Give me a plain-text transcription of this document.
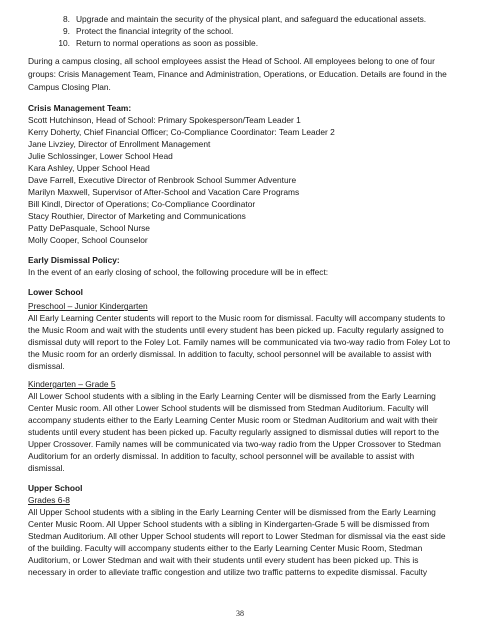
8. Upgrade and maintain the security of the physical plant, and safeguard the educational assets.
9. Protect the financial integrity of the school.
10. Return to normal operations as soon as possible.

During a campus closing, all school employees assist the Head of School. All employees belong to one of four groups: Crisis Management Team, Finance and Administration, Operations, or Education. Details are found in the Campus Closing Plan.

Crisis Management Team:

Scott Hutchinson, Head of School: Primary Spokesperson/Team Leader 1
Kerry Doherty, Chief Financial Officer; Co-Compliance Coordinator: Team Leader 2
Jane Livziey, Director of Enrollment Management
Julie Schlossinger, Lower School Head
Kara Ashley, Upper School Head
Dave Farrell, Executive Director of Renbrook School Summer Adventure
Marilyn Maxwell, Supervisor of After-School and Vacation Care Programs
Bill Kindl, Director of Operations; Co-Compliance Coordinator
Stacy Routhier, Director of Marketing and Communications
Patty DePasquale, School Nurse
Molly Cooper, School Counselor

Early Dismissal Policy:

In the event of an early closing of school, the following procedure will be in effect:

Lower School

Preschool – Junior Kindergarten

All Early Learning Center students will report to the Music room for dismissal. Faculty will accompany students to the Music Room and wait with the students until every student has been picked up. Faculty regularly assigned to dismissal duty will report to the Foley Lot. Family names will be communicated via two-way radio from Foley Lot to the Music room for an orderly dismissal. In addition to faculty, school personnel will be available to assist with dismissal.

Kindergarten – Grade 5

All Lower School students with a sibling in the Early Learning Center will be dismissed from the Early Learning Center Music room. All other Lower School students will be dismissed from Stedman Auditorium. Faculty will accompany students either to the Early Learning Center Music room or Stedman Auditorium and wait with their students until every student has been picked up. Faculty regularly assigned to dismissal duties will report to the Upper Crossover. Family names will be communicated via two-way radio from the Upper Crossover to Stedman Auditorium for an orderly dismissal. In addition to faculty, school personnel will be available to assist with dismissal.

Upper School

Grades 6-8

All Upper School students with a sibling in the Early Learning Center will be dismissed from the Early Learning Center Music Room. All Upper School students with a sibling in Kindergarten-Grade 5 will be dismissed from Stedman Auditorium. All other Upper School students will report to Lower Stedman for dismissal via the east side of the building. Faculty will accompany students either to the Early Learning Center Music Room, Stedman Auditorium, or Lower Stedman and wait with their students until every student has been picked up. This is necessary in order to alleviate traffic congestion and utilize two traffic patterns to expedite dismissal. Faculty

38
